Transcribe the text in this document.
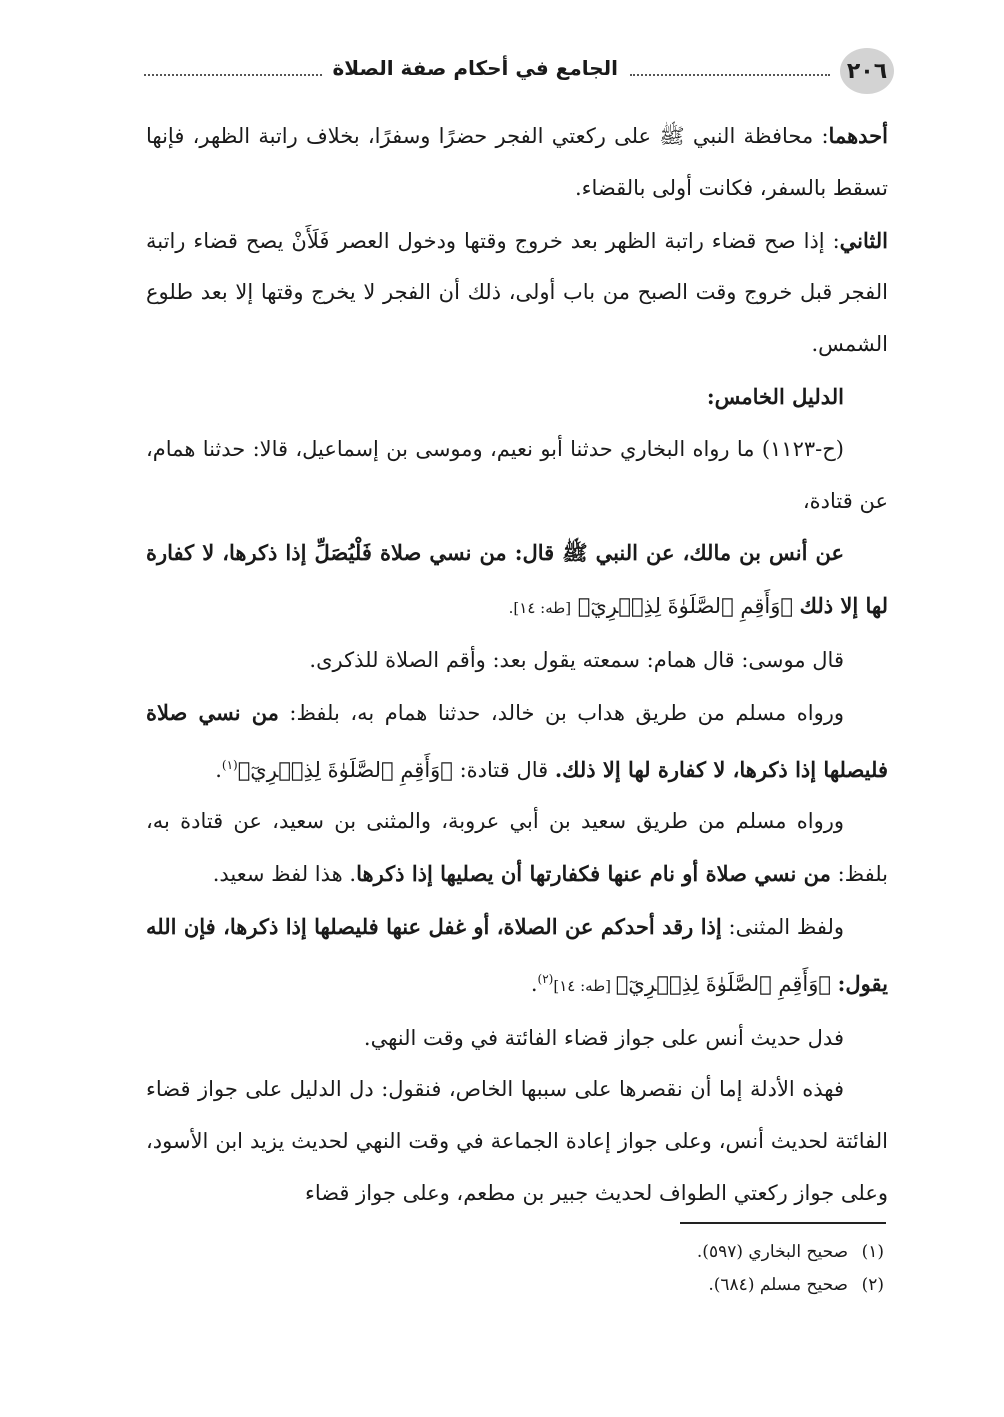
٢٠٦
الجامع في أحكام صفة الصلاة

أحدهما: محافظة النبي ﷺ على ركعتي الفجر حضرًا وسفرًا، بخلاف راتبة الظهر، فإنها تسقط بالسفر، فكانت أولى بالقضاء.

الثاني: إذا صح قضاء راتبة الظهر بعد خروج وقتها ودخول العصر فَلَأَنْ يصح قضاء راتبة الفجر قبل خروج وقت الصبح من باب أولى، ذلك أن الفجر لا يخرج وقتها إلا بعد طلوع الشمس.

الدليل الخامس:

(ح-١١٢٣) ما رواه البخاري حدثنا أبو نعيم، وموسى بن إسماعيل، قالا: حدثنا همام، عن قتادة،

عن أنس بن مالك، عن النبي ﷺ قال: من نسي صلاة فَلْيُصَلِّ إذا ذكرها، لا كفارة لها إلا ذلك ﴿وَأَقِمِ ٱلصَّلَوٰةَ لِذِكۡرِيٓ﴾ [طه: ١٤].

قال موسى: قال همام: سمعته يقول بعد: وأقم الصلاة للذكرى.

ورواه مسلم من طريق هداب بن خالد، حدثنا همام به، بلفظ: من نسي صلاة فليصلها إذا ذكرها، لا كفارة لها إلا ذلك. قال قتادة: ﴿وَأَقِمِ ٱلصَّلَوٰةَ لِذِكۡرِيٓ﴾$^{(١)}$.

ورواه مسلم من طريق سعيد بن أبي عروبة، والمثنى بن سعيد، عن قتادة به، بلفظ: من نسي صلاة أو نام عنها فكفارتها أن يصليها إذا ذكرها. هذا لفظ سعيد.

ولفظ المثنى: إذا رقد أحدكم عن الصلاة، أو غفل عنها فليصلها إذا ذكرها، فإن الله يقول: ﴿وَأَقِمِ ٱلصَّلَوٰةَ لِذِكۡرِيٓ﴾ [طه: ١٤]$^{(٢)}$.

فدل حديث أنس على جواز قضاء الفائتة في وقت النهي.

فهذه الأدلة إما أن نقصرها على سببها الخاص، فنقول: دل الدليل على جواز قضاء الفائتة لحديث أنس، وعلى جواز إعادة الجماعة في وقت النهي لحديث يزيد ابن الأسود، وعلى جواز ركعتي الطواف لحديث جبير بن مطعم، وعلى جواز قضاء

(١)صحيح البخاري (٥٩٧).

(٢)صحيح مسلم (٦٨٤).
